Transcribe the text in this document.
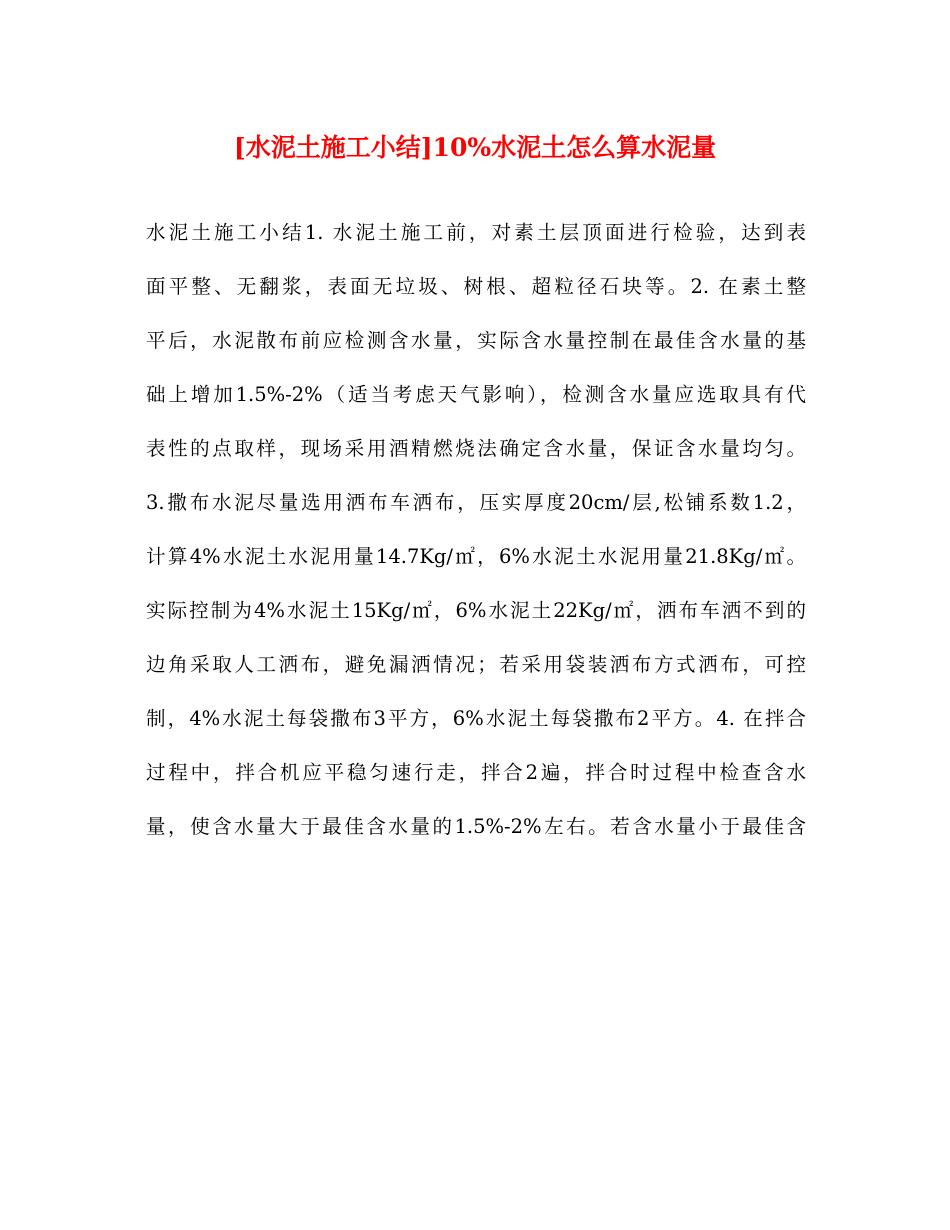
[水泥土施工小结]10%水泥土怎么算水泥量
水泥土施工小结1. 水泥土施工前，对素土层顶面进行检验，达到表
面平整、无翻浆，表面无垃圾、树根、超粒径石块等。2. 在素土整
平后，水泥散布前应检测含水量，实际含水量控制在最佳含水量的基
础上增加1.5%-2%（适当考虑天气影响），检测含水量应选取具有代
表性的点取样，现场采用酒精燃烧法确定含水量，保证含水量均匀。
3.撒布水泥尽量选用洒布车洒布，压实厚度20cm/层,松铺系数1.2，
计算4%水泥土水泥用量14.7Kg/㎡，6%水泥土水泥用量21.8Kg/㎡。
实际控制为4%水泥土15Kg/㎡，6%水泥土22Kg/㎡，洒布车洒不到的
边角采取人工洒布，避免漏洒情况；若采用袋装洒布方式洒布，可控
制，4%水泥土每袋撒布3平方，6%水泥土每袋撒布2平方。4. 在拌合
过程中，拌合机应平稳匀速行走，拌合2遍，拌合时过程中检查含水
量，使含水量大于最佳含水量的1.5%-2%左右。若含水量小于最佳含
